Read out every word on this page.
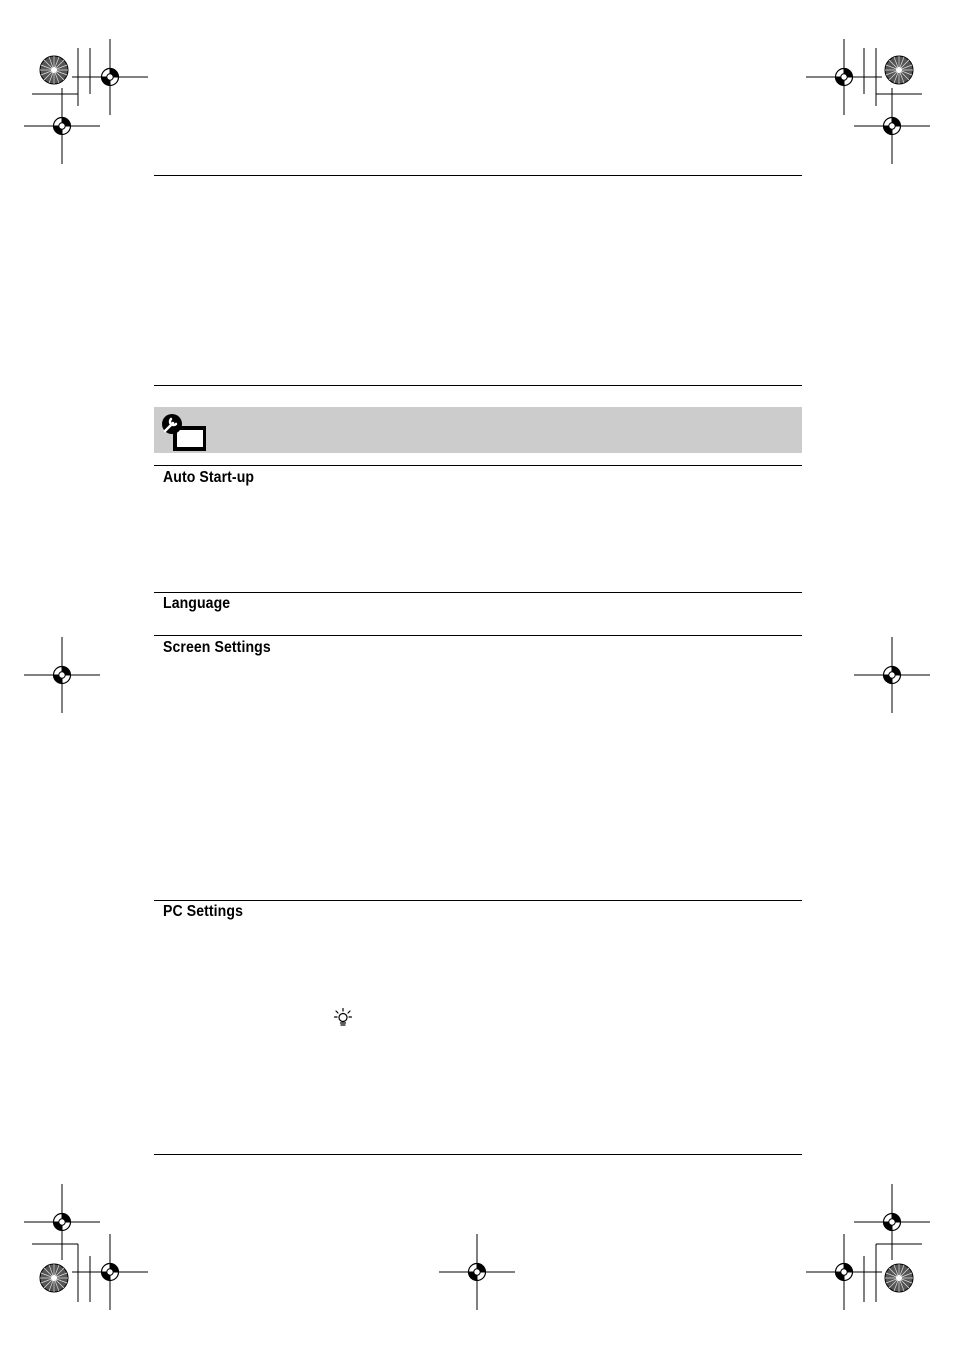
Auto Start-up
Language
Screen Settings
PC Settings
